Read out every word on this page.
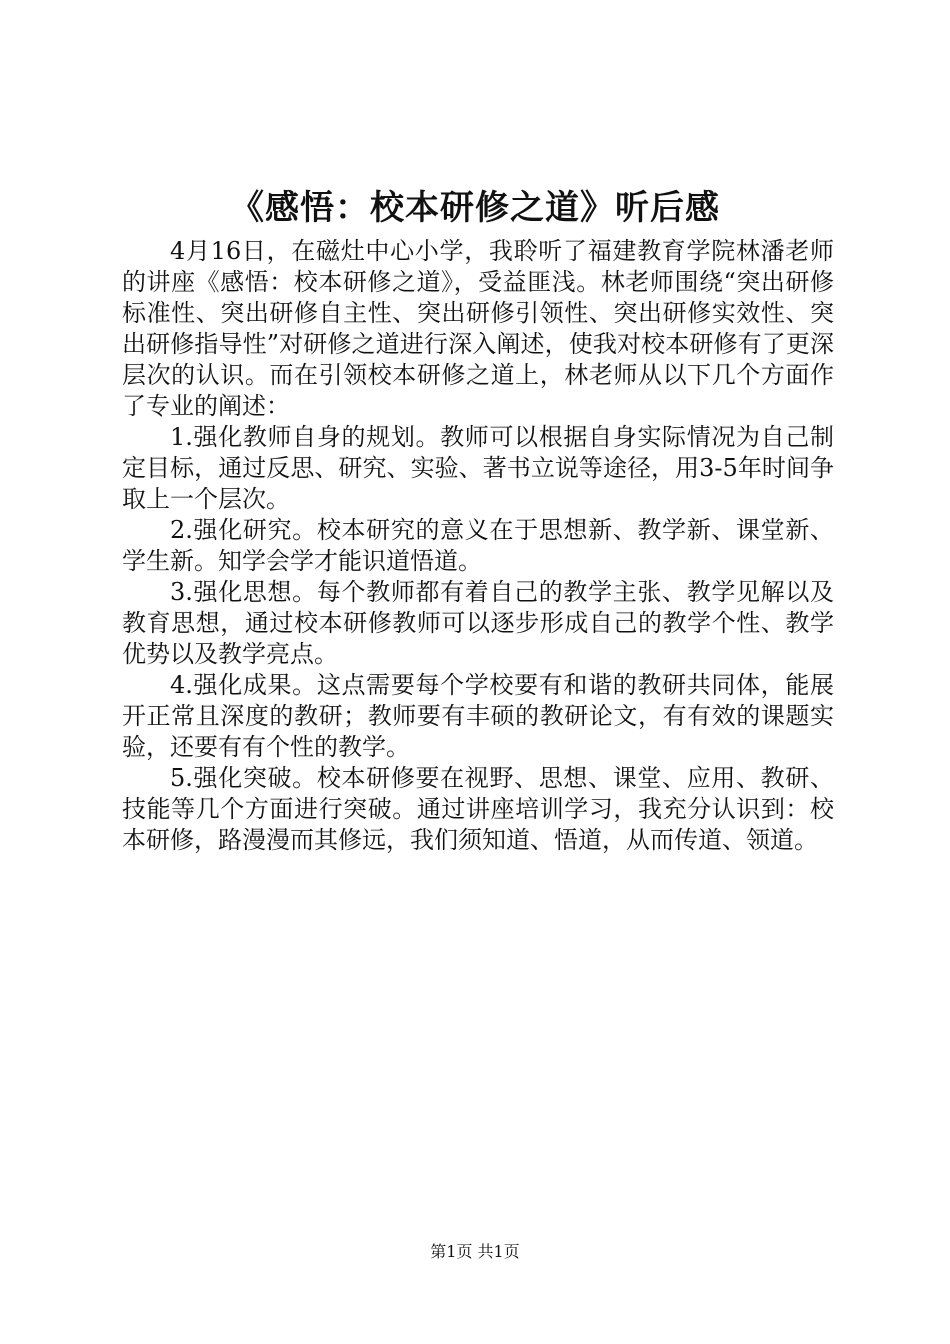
《感悟：校本研修之道》听后感

4月16日，在磁灶中心小学，我聆听了福建教育学院林潘老师的讲座《感悟：校本研修之道》，受益匪浅。林老师围绕“突出研修标准性、突出研修自主性、突出研修引领性、突出研修实效性、突出研修指导性”对研修之道进行深入阐述，使我对校本研修有了更深层次的认识。而在引领校本研修之道上，林老师从以下几个方面作了专业的阐述：

1.强化教师自身的规划。教师可以根据自身实际情况为自己制定目标，通过反思、研究、实验、著书立说等途径，用3-5年时间争取上一个层次。

2.强化研究。校本研究的意义在于思想新、教学新、课堂新、学生新。知学会学才能识道悟道。

3.强化思想。每个教师都有着自己的教学主张、教学见解以及教育思想，通过校本研修教师可以逐步形成自己的教学个性、教学优势以及教学亮点。

4.强化成果。这点需要每个学校要有和谐的教研共同体，能展开正常且深度的教研；教师要有丰硕的教研论文，有有效的课题实验，还要有有个性的教学。

5.强化突破。校本研修要在视野、思想、课堂、应用、教研、技能等几个方面进行突破。通过讲座培训学习，我充分认识到：校本研修，路漫漫而其修远，我们须知道、悟道，从而传道、领道。

第1页 共1页
